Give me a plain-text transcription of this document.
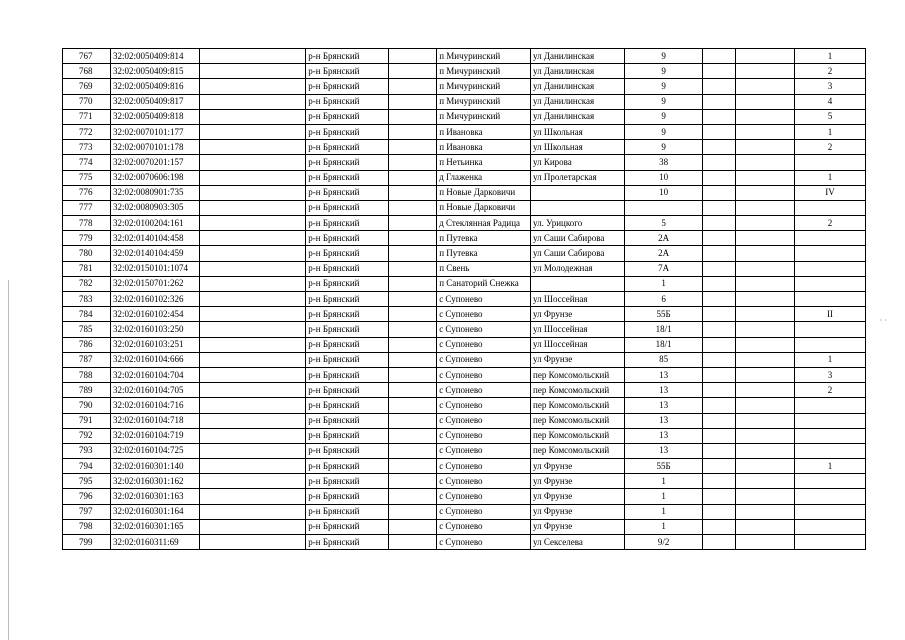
767	32:02:0050409:814		р-н Брянский		п Мичуринский	ул Данилинская	9			1
768	32:02:0050409:815		р-н Брянский		п Мичуринский	ул Данилинская	9			2
769	32:02:0050409:816		р-н Брянский		п Мичуринский	ул Данилинская	9			3
770	32:02:0050409:817		р-н Брянский		п Мичуринский	ул Данилинская	9			4
771	32:02:0050409:818		р-н Брянский		п Мичуринский	ул Данилинская	9			5
772	32:02:0070101:177		р-н Брянский		п Ивановка	ул Школьная	9			1
773	32:02:0070101:178		р-н Брянский		п Ивановка	ул Школьная	9			2
774	32:02:0070201:157		р-н Брянский		п Нетьинка	ул Кирова	38			
775	32:02:0070606:198		р-н Брянский		д Глаженка	ул Пролетарская	10			1
776	32:02:0080901:735		р-н Брянский		п Новые Дарковичи		10			IV
777	32:02:0080903:305		р-н Брянский		п Новые Дарковичи					
778	32:02:0100204:161		р-н Брянский		д Стеклянная Радица	ул. Урицкого	5			2
779	32:02:0140104:458		р-н Брянский		п Путевка	ул Саши Сабирова	2А			
780	32:02:0140104:459		р-н Брянский		п Путевка	ул Саши Сабирова	2А			
781	32:02:0150101:1074		р-н Брянский		п Свень	ул Молодежная	7А			
782	32:02:0150701:262		р-н Брянский		п Санаторий Снежка		1			
783	32:02:0160102:326		р-н Брянский		с Супонево	ул Шоссейная	6			
784	32:02:0160102:454		р-н Брянский		с Супонево	ул Фрунзе	55Б			II
785	32:02:0160103:250		р-н Брянский		с Супонево	ул Шоссейная	18/1			
786	32:02:0160103:251		р-н Брянский		с Супонево	ул Шоссейная	18/1			
787	32:02:0160104:666		р-н Брянский		с Супонево	ул Фрунзе	85			1
788	32:02:0160104:704		р-н Брянский		с Супонево	пер Комсомольский	13			3
789	32:02:0160104:705		р-н Брянский		с Супонево	пер Комсомольский	13			2
790	32:02:0160104:716		р-н Брянский		с Супонево	пер Комсомольский	13			
791	32:02:0160104:718		р-н Брянский		с Супонево	пер Комсомольский	13			
792	32:02:0160104:719		р-н Брянский		с Супонево	пер Комсомольский	13			
793	32:02:0160104:725		р-н Брянский		с Супонево	пер Комсомольский	13			
794	32:02:0160301:140		р-н Брянский		с Супонево	ул Фрунзе	55Б			1
795	32:02:0160301:162		р-н Брянский		с Супонево	ул Фрунзе	1			
796	32:02:0160301:163		р-н Брянский		с Супонево	ул Фрунзе	1			
797	32:02:0160301:164		р-н Брянский		с Супонево	ул Фрунзе	1			
798	32:02:0160301:165		р-н Брянский		с Супонево	ул Фрунзе	1			
799	32:02:0160311:69		р-н Брянский		с Супонево	ул Секселева	9/2			
· ·
